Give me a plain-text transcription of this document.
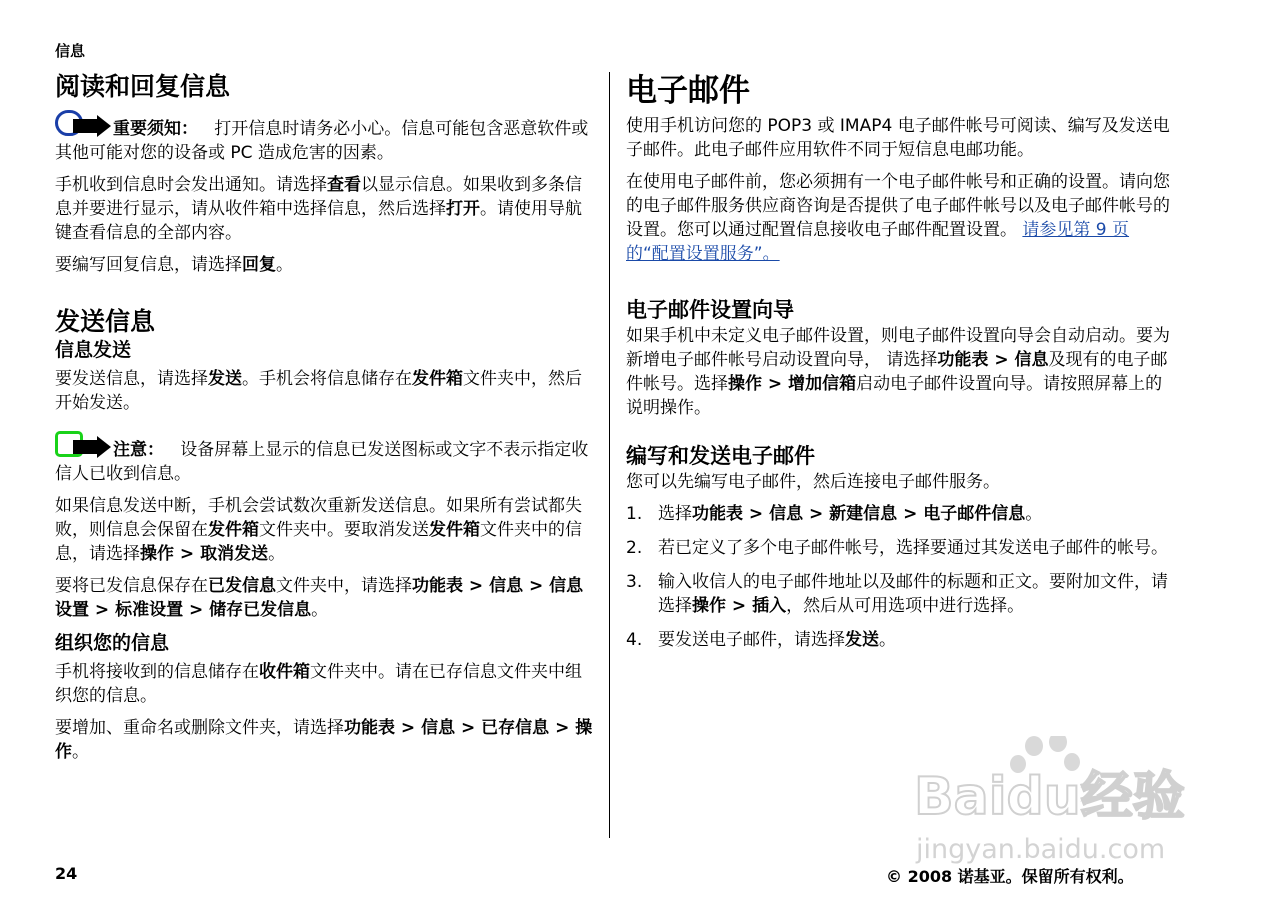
信息
阅读和回复信息
重要须知： 打开信息时请务必小心。信息可能包含恶意软件或其他可能对您的设备或 PC 造成危害的因素。

手机收到信息时会发出通知。请选择查看以显示信息。如果收到多条信息并要进行显示，请从收件箱中选择信息，然后选择打开。请使用导航键查看信息的全部内容。

要编写回复信息，请选择回复。

发送信息
信息发送

要发送信息，请选择发送。手机会将信息储存在发件箱文件夹中，然后开始发送。

注意： 设备屏幕上显示的信息已发送图标或文字不表示指定收信人已收到信息。

如果信息发送中断，手机会尝试数次重新发送信息。如果所有尝试都失败，则信息会保留在发件箱文件夹中。要取消发送发件箱文件夹中的信息，请选择操作 > 取消发送。

要将已发信息保存在已发信息文件夹中，请选择功能表 > 信息 > 信息设置 > 标准设置 > 储存已发信息。

组织您的信息

手机将接收到的信息储存在收件箱文件夹中。请在已存信息文件夹中组织您的信息。

要增加、重命名或删除文件夹，请选择功能表 > 信息 > 已存信息 > 操作。

电子邮件

使用手机访问您的 POP3 或 IMAP4 电子邮件帐号可阅读、编写及发送电子邮件。此电子邮件应用软件不同于短信息电邮功能。

在使用电子邮件前，您必须拥有一个电子邮件帐号和正确的设置。请向您的电子邮件服务供应商咨询是否提供了电子邮件帐号以及电子邮件帐号的设置。您可以通过配置信息接收电子邮件配置设置。 请参见第 9 页的“配置设置服务”。

电子邮件设置向导

如果手机中未定义电子邮件设置，则电子邮件设置向导会自动启动。要为新增电子邮件帐号启动设置向导， 请选择功能表 > 信息及现有的电子邮件帐号。选择操作 > 增加信箱启动电子邮件设置向导。请按照屏幕上的说明操作。

编写和发送电子邮件

您可以先编写电子邮件，然后连接电子邮件服务。

1. 选择功能表 > 信息 > 新建信息 > 电子邮件信息。
2. 若已定义了多个电子邮件帐号，选择要通过其发送电子邮件的帐号。
3. 输入收信人的电子邮件地址以及邮件的标题和正文。要附加文件，请选择操作 > 插入，然后从可用选项中进行选择。
4. 要发送电子邮件，请选择发送。
Baidu经验
jingyan.baidu.com
24	© 2008 诺基亚。保留所有权利。
